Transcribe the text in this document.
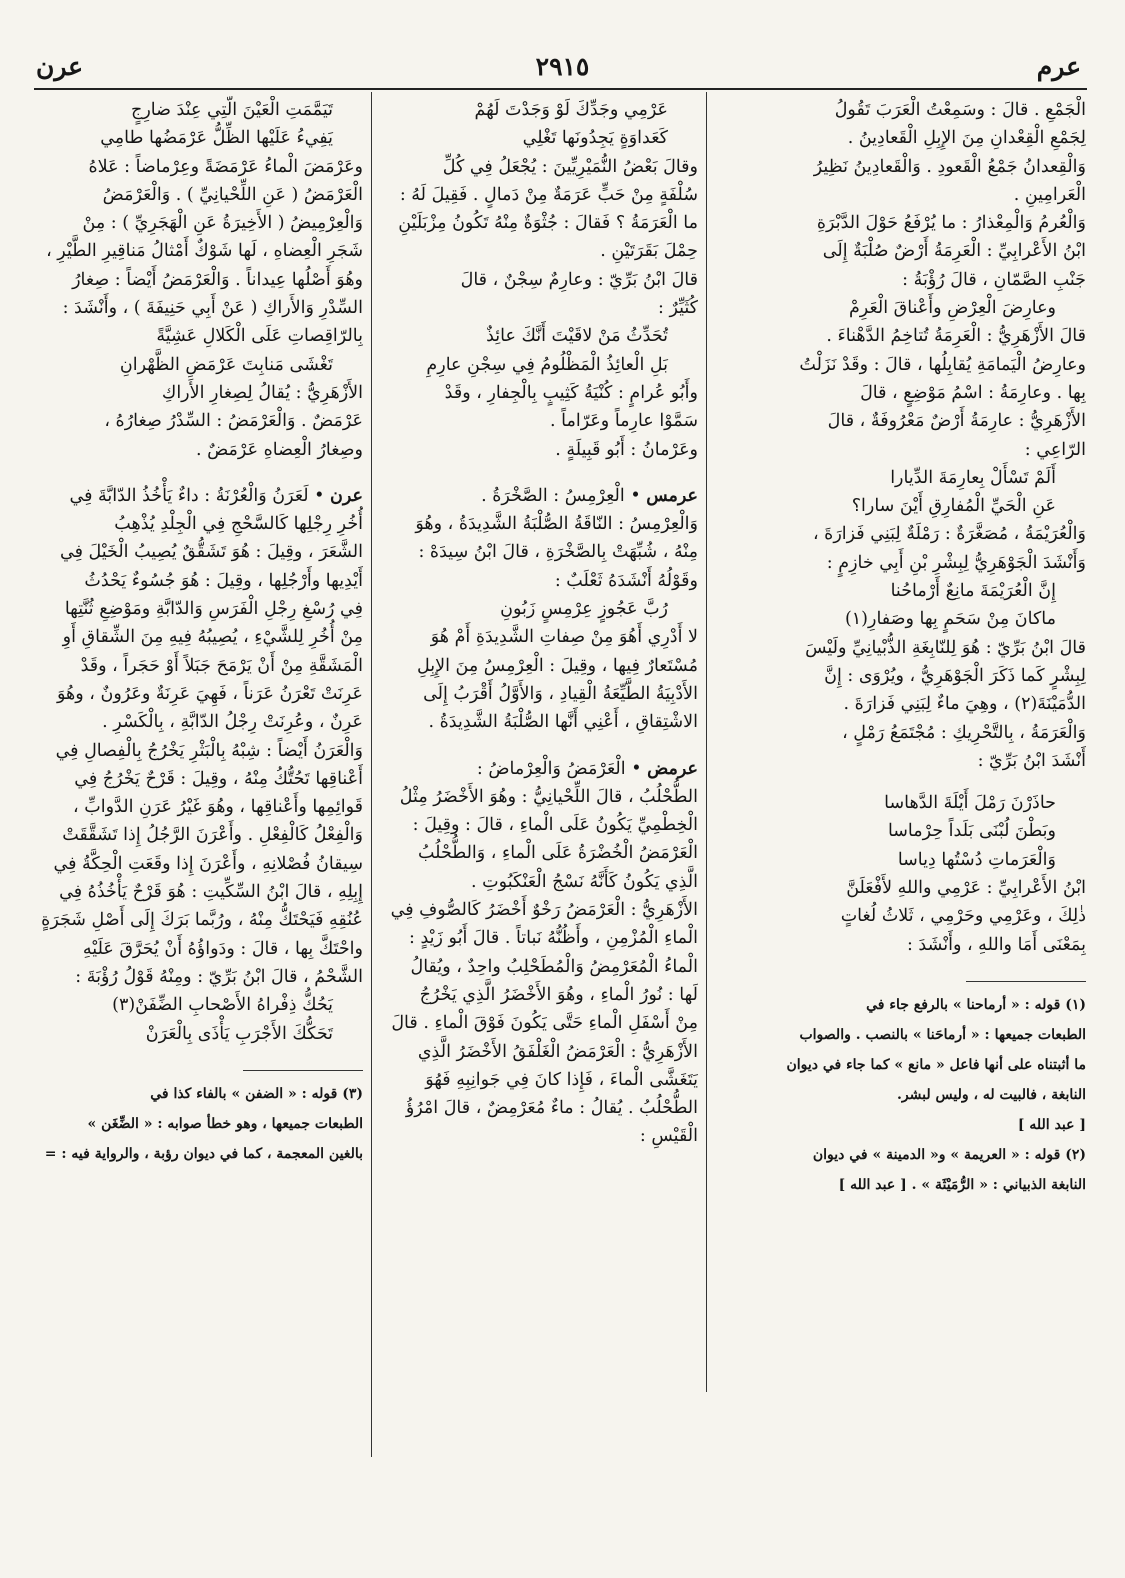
عرم
٢٩١٥
عرن

الْجَمْعِ . قالَ : وسَمِعْتُ الْعَرَبَ تَقُولُ

لِجَمْعِ الْقِعْدانِ مِنَ الإِبِلِ الْقَعادِينُ .

وَالْقِعدانُ جَمْعُ الْقَعودِ . وَالْقَعادِينُ نَظِيرُ

الْعَرامِينِ .

وَالْعُرمُ وَالْمِعْذارُ : ما يُرْفَعُ حَوْلَ الدَّبْرَةِ

ابْنُ الأَعْرابِيِّ : الْعَرِمَةُ أَرْضٌ صُلْبَةٌ إِلَى

جَنْبِ الصَّمّانِ ، قالَ رُؤْبَةُ :

وعارِضَ الْعِرْضِ وأَعْناقَ الْعَرِمْ

قالَ الأَزْهَرِيُّ : الْعَرِمَةُ تُتاخِمُ الدَّهْناءَ .

وعارِضُ الْيَمامَةِ يُقابِلُها ، قالَ : وقَدْ نَزَلْتُ

بِها . وعارِمَةُ : اسْمُ مَوْضِعٍ ، قالَ

الأَزْهَرِيُّ : عارِمَةُ أَرْضٌ مَعْرُوفَةٌ ، قالَ

الرّاعِي :

أَلَمْ تَسْأَلْ بِعارِمَةَ الدِّيارا

عَنِ الْحَيِّ الْمُفارِقِ أَيْنَ سارا؟

وَالْعُرَيْمَةُ ، مُصَغَّرَةٌ : رَمْلَةٌ لِبَنِي فَزارَةَ ،

وَأَنْشَدَ الْجَوْهَرِيُّ لِبِشْرِ بْنِ أَبِي خازِمٍ :

إِنَّ الْعُرَيْمَةَ مانِعٌ أَرْماحُنا

ماكانَ مِنْ سَحَمٍ بِها وصَفارِ(١)

قالَ ابْنُ بَرِّيّ : هُوَ لِلنّابِغَةِ الذُّبْيانِيِّ ولَيْسَ

لِبِشْرٍ كَما ذَكَرَ الْجَوْهَرِيُّ ، ويُرْوَى : إِنَّ

الدُّمَيْنَةَ(٢) ، وهِيَ ماءٌ لِبَنِي فَزارَةَ .

وَالْعَرَمَةُ ، بِالتَّحْرِيكِ : مُجْتَمَعُ رَمْلٍ ،

أَنْشَدَ ابْنُ بَرِّيّ :

حاذَرْنَ رَمْلَ أَيْلَةَ الدَّهاسا

وبَطْنَ لُبْنَى بَلَداً حِرْماسا

وَالْعَرَماتِ دُسْتُها دِياسا

ابْنُ الأَعْرابِيِّ : عَرْمِي واللهِ لأَفْعَلَنَّ

ذٰلِكَ ، وعَرْمِي وحَرْمِي ، ثَلاثُ لُغاتٍ

بِمَعْنَى أَمَا واللهِ ، وأَنْشَدَ :

(١) قوله : « أرماحنا » بالرفع جاء في

الطبعات جميعها : « أرماحَنا » بالنصب . والصواب

ما أثبتناه على أنها فاعل « مانع » كما جاء في ديوان

النابغة ، فالبيت له ، وليس لبشر.

[ عبد الله ]

(٢) قوله : « العريمة » و« الدمينة » في ديوان

النابغة الذبياني : « الرُّمَيْثَة » . [ عبد الله ]

عَرْمِي وجَدِّكَ لَوْ وَجَدْتَ لَهُمْ

كَعَداوَةٍ يَجِدُونَها تَغْلِي

وقالَ بَعْضُ النُّمَيْرِيِّينَ : يُجْعَلُ فِي كُلِّ

سُلْفَةٍ مِنْ حَبٍّ عَرَمَةٌ مِنْ دَمالٍ . فَقِيلَ لَهُ :

ما الْعَرَمَةُ ؟ فَقالَ : جُثْوَةٌ مِنْهُ تَكُونُ مِزْبَلَيْنِ

حِمْلَ بَقَرَتَيْنِ .

قالَ ابْنُ بَرِّيّ : وعارِمٌ سِجْنٌ ، قالَ

كُثَيِّرٌ :

تُحَدِّثُ مَنْ لاقَيْتَ أَنَّكَ عائِذٌ

بَلِ الْعائِذُ الْمَظْلُومُ فِي سِجْنِ عارِمِ

وأَبُو عُرامٍ : كُنْيَةُ كَثِيبٍ بِالْجِفارِ ، وقَدْ

سَمَّوْا عارِماً وعَرّاماً .

وعَرْمانُ : أَبُو قَبِيلَةٍ .

عرمس • الْعِرْمِسُ : الصَّخْرَةُ .

وَالْعِرْمِسُ : النّاقَةُ الصُّلْبَةُ الشَّدِيدَةُ ، وهُوَ

مِنْهُ ، شُبِّهَتْ بِالصَّخْرَةِ ، قالَ ابْنُ سِيدَهْ :

وقَوْلُهُ أَنْشَدَهُ ثَعْلَبٌ :

رُبَّ عَجُوزٍ عِرْمِسٍ زَبُونِ

لا أَدْرِي أَهُوَ مِنْ صِفاتِ الشَّدِيدَةِ أَمْ هُوَ

مُسْتَعارٌ فِيها ، وقِيلَ : الْعِرْمِسُ مِنَ الإِبِلِ

الأَدْبِيَةُ الطَّيِّعَةُ الْقِيادِ ، وَالأَوَّلُ أَقْرَبُ إِلَى

الاشْتِقاقِ ، أَعْنِي أَنَّها الصُّلْبَةُ الشَّدِيدَةُ .

عرمض • الْعَرْمَضُ وَالْعِرْماضُ :

الطُّحْلُبُ ، قالَ اللِّحْيانِيُّ : وهُوَ الأَخْضَرُ مِثْلُ

الْخِطْمِيِّ يَكُونُ عَلَى الْماءِ ، قالَ : وقِيلَ :

الْعَرْمَضُ الْخُضْرَةُ عَلَى الْماءِ ، وَالطُّحْلُبُ

الَّذِي يَكُونُ كَأَنَّهُ نَسْجُ الْعَنْكَبُوتِ .

الأَزْهَرِيُّ : الْعَرْمَضُ رَخْوٌ أَخْضَرُ كَالصُّوفِ فِي

الْماءِ الْمُزْمِنِ ، وأَظُنُّهُ نَباتاً . قالَ أَبُو زَيْدٍ :

الْماءُ الْمُعَرْمِضُ وَالْمُطَحْلِبُ واحِدٌ ، ويُقالُ

لَها : نُورُ الْماءِ ، وهُوَ الأَخْضَرُ الَّذِي يَخْرُجُ

مِنْ أَسْفَلِ الْماءِ حَتَّى يَكُونَ فَوْقَ الْماءِ . قالَ

الأَزْهَرِيُّ : الْعَرْمَضُ الْغَلْفَقُ الأَخْضَرُ الَّذِي

يَتَغَشَّى الْماءَ ، فَإِذا كانَ فِي جَوانِبِهِ فَهُوَ

الطُّحْلُبُ . يُقالُ : ماءٌ مُعَرْمِضٌ ، قالَ امْرُؤُ

الْقَيْسِ :

تَيَمَّمَتِ الْعَيْنَ الَّتِي عِنْدَ ضارِجٍ

يَفِيءُ عَلَيْها الظِّلُّ عَرْمَضُها طامِي

وعَرْمَضَ الْماءُ عَرْمَضَةً وعِرْماضاً : عَلاهُ

الْعَرْمَضُ ( عَنِ اللِّحْيانِيِّ ) . وَالْعَرْمَضُ

وَالْعِرْمِيضُ ( الأَخِيرَةُ عَنِ الْهَجَرِيِّ ) : مِنْ

شَجَرِ الْعِضاهِ ، لَها شَوْكٌ أَمْثالُ مَناقِيرِ الطَّيْرِ ،

وهُوَ أَصْلُها عِيداناً . وَالْعَرْمَضُ أَيْضاً : صِغارُ

السِّدْرِ وَالأَراكِ ( عَنْ أَبِي حَنِيفَةَ ) ، وأَنْشَدَ :

بِالرّاقِصاتِ عَلَى الْكَلالِ عَشِيَّةً

تَغْشَى مَنابِتَ عَرْمَضِ الظَّهْرانِ

الأَزْهَرِيُّ : يُقالُ لِصِغارِ الأَراكِ

عَرْمَضٌ . وَالْعَرْمَضُ : السِّدْرُ صِغارُهُ ،

وصِغارُ الْعِضاهِ عَرْمَضٌ .

عرن • لَعَرَنُ وَالْعُرْنَةُ : داءٌ يَأْخُذُ الدّابَّةَ فِي

أُخُرِ رِجْلِها كَالسَّحْجِ فِي الْجِلْدِ يُذْهِبُ

الشَّعَرَ ، وقِيلَ : هُوَ تَشَقُّقٌ يُصِيبُ الْخَيْلَ فِي

أَيْدِيها وأَرْجُلِها ، وقِيلَ : هُوَ جُسُوءٌ يَحْدُثُ

فِي رُسْغِ رِجْلِ الْفَرَسِ وَالدّابَّةِ ومَوْضِعِ ثُنَّتِها

مِنْ أُخُرِ لِلشَّيْءِ ، يُصِيبُهُ فِيهِ مِنَ الشِّقاقِ أَوِ

الْمَشَقَّةِ مِنْ أَنْ يَرْمَحَ جَبَلاً أَوْ حَجَراً ، وقَدْ

عَرِنَتْ تَعْرَنُ عَرَناً ، فَهِيَ عَرِنَةٌ وعَرُونٌ ، وهُوَ

عَرِنٌ ، وعُرِنَتْ رِجْلُ الدّابَّةِ ، بِالْكَسْرِ .

وَالْعَرَنُ أَيْضاً : شِبْهُ بِالْبَثْرِ يَخْرُجُ بِالْفِصالِ فِي

أَعْناقِها تَحُتُّكُ مِنْهُ ، وقِيلَ : قَرْحٌ يَخْرُجُ فِي

قَوائِمِها وأَعْناقِها ، وهُوَ غَيْرُ عَرَنِ الدَّوابِّ ،

وَالْفِعْلُ كَالْفِعْلِ . وأَعْرَنَ الرَّجُلُ إِذا تَشَقَّقَتْ

سِيقانُ فُصْلانِهِ ، وأَعْرَنَ إِذا وقَعَتِ الْحِكَّةُ فِي

إِبِلِهِ ، قالَ ابْنُ السِّكِّيتِ : هُوَ قَرْحٌ يَأْخُذُهُ فِي

عُنُقِهِ فَيَحْتَكُّ مِنْهُ ، ورُبَّما بَرَكَ إِلَى أَصْلِ شَجَرَةٍ

واحْتَكَّ بِها ، قالَ : ودَواؤُهُ أَنْ يُحَرَّقَ عَلَيْهِ

الشَّحْمُ ، قالَ ابْنُ بَرِّيّ : ومِنْهُ قَوْلُ رُؤْبَةَ :

يَحُكُّ ذِفْراهُ الأَصْحابِ الضِّفَنْ(٣)

تَحَكُّكَ الأَجْرَبِ يَأْذَى بِالْعَرَنْ

(٣) قوله : « الضفن » بالفاء كذا في

الطبعات جميعها ، وهو خطأ صوابه : « الضِّغَن »

بالغين المعجمة ، كما في ديوان رؤبة ، والرواية فيه : =
